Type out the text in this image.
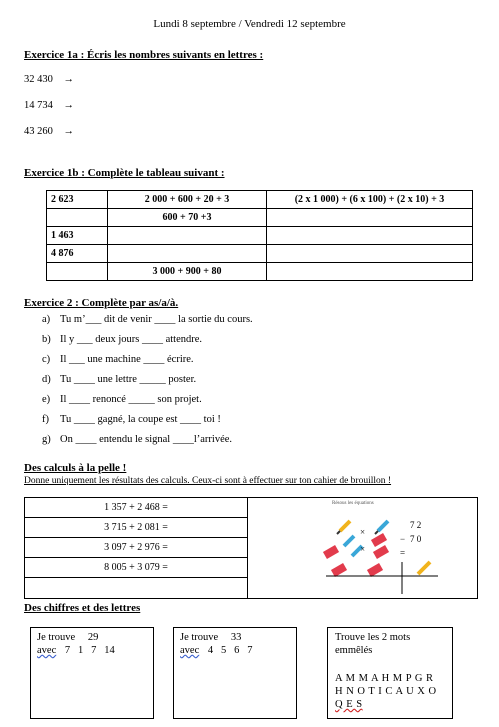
Lundi 8 septembre / Vendredi 12 septembre
Exercice 1a : Écris les nombres suivants en lettres :
32 430 →
14 734 →
43 260 →
Exercice 1b : Complète le tableau suivant :
2 623	2 000 + 600 + 20 + 3	(2 x 1 000) + (6 x 100) + (2 x 10) + 3
	600 + 70 +3	
1 463		
4 876		
	3 000 + 900 + 80	
Exercice 2 : Complète par as/a/à.
a) Tu m’___ dit de venir ____ la sortie du cours.
b) Il y ___ deux jours ____ attendre.
c) Il ___ une machine ____ écrire.
d) Tu ____ une lettre _____ poster.
e) Il ____ renoncé _____ son projet.
f) Tu ____ gagné, la coupe est ____ toi !
g) On ____ entendu le signal ____l’arrivée.
Des calculs à la pelle !
Donne uniquement les résultats des calculs. Ceux-ci sont à effectuer sur ton cahier de brouillon !
1 357 + 2 468 =
3 715 + 2 081 =
3 097 + 2 976 =
8 005 + 3 079 =
Résous les équations
×
×
−
=
7 2
7 0
Des chiffres et des lettres
Je trouve 29
avec 7   1   7   14
Je trouve 33
avec 4   5   6   7
Trouve les 2 mots
emmêlés
A M M A H M P G R
H N O T I C A U X O
Q E S
